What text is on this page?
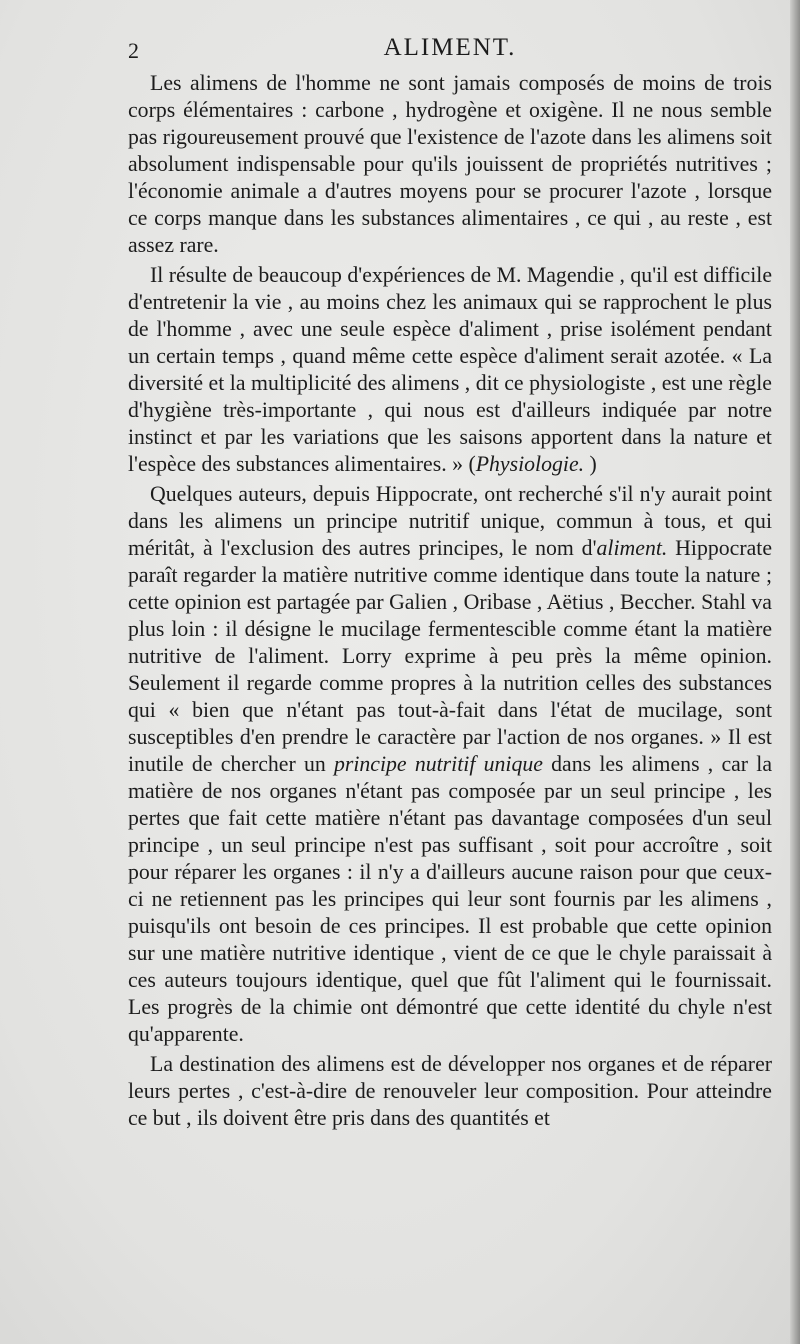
2	ALIMENT.

Les alimens de l'homme ne sont jamais composés de moins de trois corps élémentaires : carbone , hydrogène et oxigène. Il ne nous semble pas rigoureusement prouvé que l'existence de l'azote dans les alimens soit absolument indispensable pour qu'ils jouissent de propriétés nutritives ; l'économie animale a d'autres moyens pour se procurer l'azote , lorsque ce corps manque dans les substances alimentaires , ce qui , au reste , est assez rare.

Il résulte de beaucoup d'expériences de M. Magendie , qu'il est difficile d'entretenir la vie , au moins chez les animaux qui se rapprochent le plus de l'homme , avec une seule espèce d'aliment , prise isolément pendant un certain temps , quand même cette espèce d'aliment serait azotée. « La diversité et la multiplicité des alimens , dit ce physiologiste , est une règle d'hygiène très-importante , qui nous est d'ailleurs indiquée par notre instinct et par les variations que les saisons apportent dans la nature et l'espèce des substances alimentaires. » (Physiologie. )

Quelques auteurs, depuis Hippocrate, ont recherché s'il n'y aurait point dans les alimens un principe nutritif unique, commun à tous, et qui méritât, à l'exclusion des autres principes, le nom d'aliment. Hippocrate paraît regarder la matière nutritive comme identique dans toute la nature ; cette opinion est partagée par Galien , Oribase , Aëtius , Beccher. Stahl va plus loin : il désigne le mucilage fermentescible comme étant la matière nutritive de l'aliment. Lorry exprime à peu près la même opinion. Seulement il regarde comme propres à la nutrition celles des substances qui « bien que n'étant pas tout-à-fait dans l'état de mucilage, sont susceptibles d'en prendre le caractère par l'action de nos organes. » Il est inutile de chercher un principe nutritif unique dans les alimens , car la matière de nos organes n'étant pas composée par un seul principe , les pertes que fait cette matière n'étant pas davantage composées d'un seul principe , un seul principe n'est pas suffisant , soit pour accroître , soit pour réparer les organes : il n'y a d'ailleurs aucune raison pour que ceux-ci ne retiennent pas les principes qui leur sont fournis par les alimens , puisqu'ils ont besoin de ces principes. Il est probable que cette opinion sur une matière nutritive identique , vient de ce que le chyle paraissait à ces auteurs toujours identique, quel que fût l'aliment qui le fournissait. Les progrès de la chimie ont démontré que cette identité du chyle n'est qu'apparente.

La destination des alimens est de développer nos organes et de réparer leurs pertes , c'est-à-dire de renouveler leur composition. Pour atteindre ce but , ils doivent être pris dans des quantités et
